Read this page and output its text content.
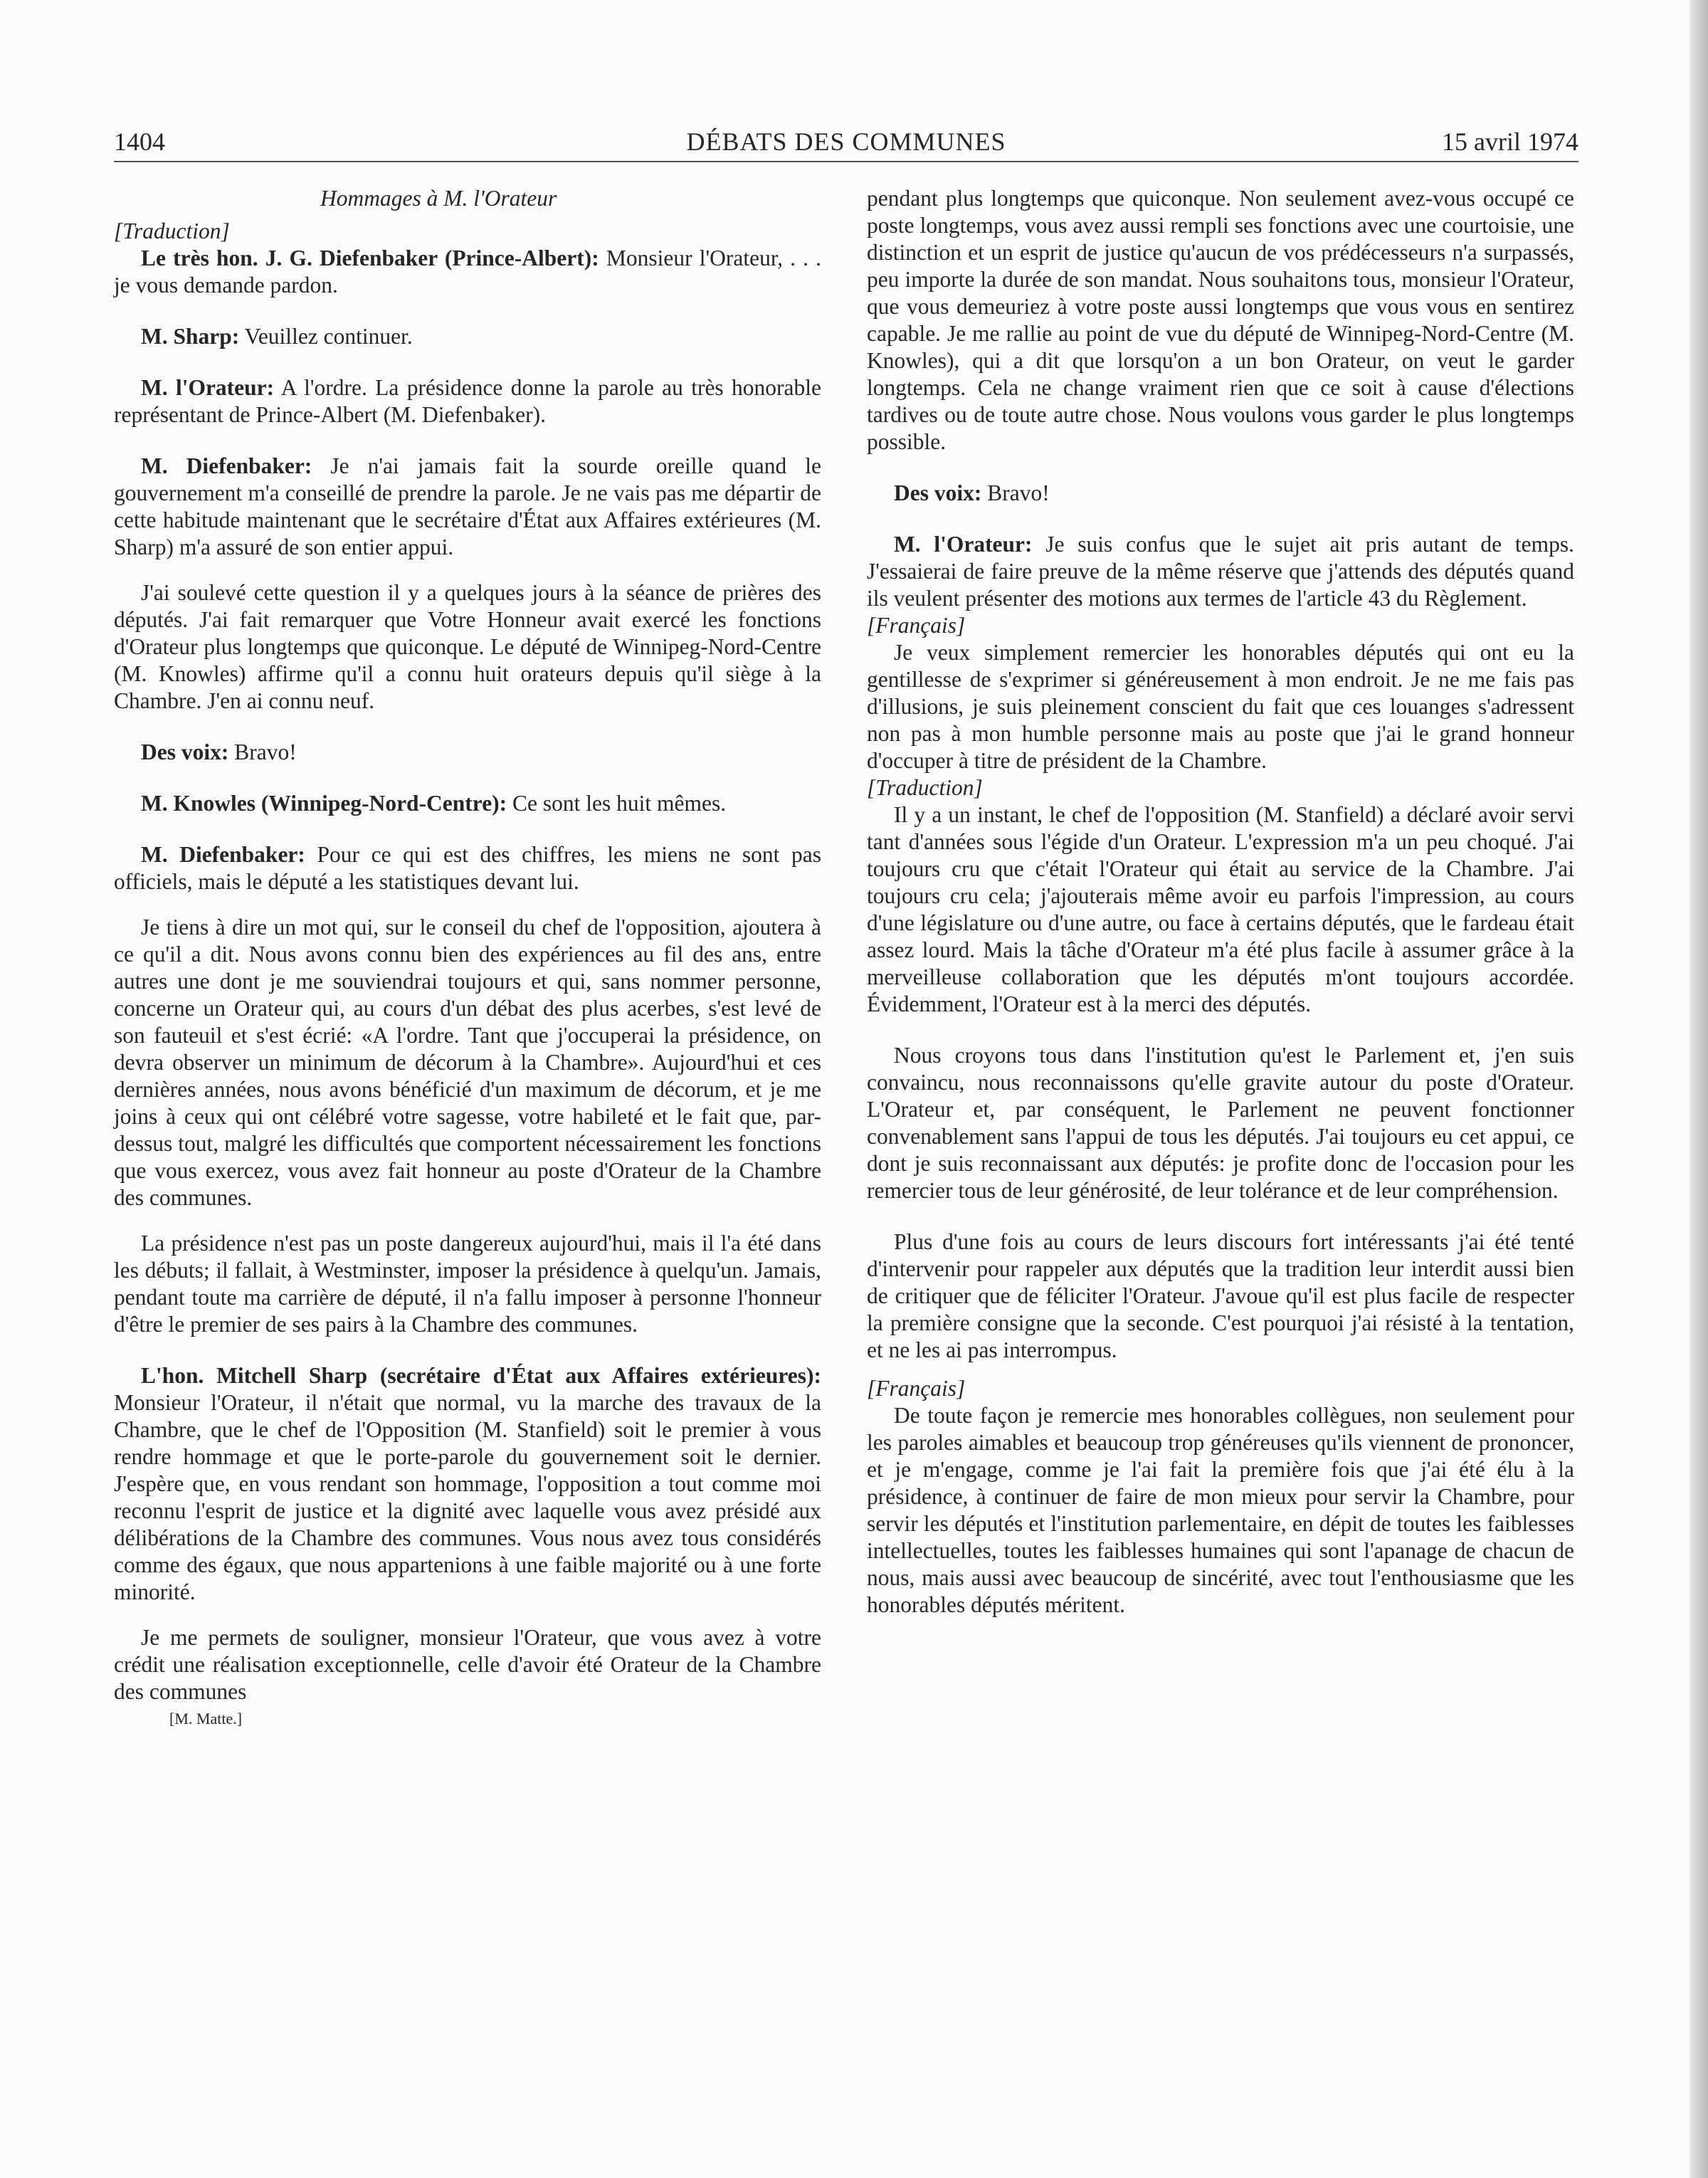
1404	DÉBATS DES COMMUNES	15 avril 1974

Hommages à M. l'Orateur

[Traduction]

Le très hon. J. G. Diefenbaker (Prince-Albert): Monsieur l'Orateur, . . . je vous demande pardon.

M. Sharp: Veuillez continuer.

M. l'Orateur: A l'ordre. La présidence donne la parole au très honorable représentant de Prince-Albert (M. Diefenbaker).

M. Diefenbaker: Je n'ai jamais fait la sourde oreille quand le gouvernement m'a conseillé de prendre la parole. Je ne vais pas me départir de cette habitude maintenant que le secrétaire d'État aux Affaires extérieures (M. Sharp) m'a assuré de son entier appui.

J'ai soulevé cette question il y a quelques jours à la séance de prières des députés. J'ai fait remarquer que Votre Honneur avait exercé les fonctions d'Orateur plus longtemps que quiconque. Le député de Winnipeg-Nord-Centre (M. Knowles) affirme qu'il a connu huit orateurs depuis qu'il siège à la Chambre. J'en ai connu neuf.

Des voix: Bravo!

M. Knowles (Winnipeg-Nord-Centre): Ce sont les huit mêmes.

M. Diefenbaker: Pour ce qui est des chiffres, les miens ne sont pas officiels, mais le député a les statistiques devant lui.

Je tiens à dire un mot qui, sur le conseil du chef de l'opposition, ajoutera à ce qu'il a dit. Nous avons connu bien des expériences au fil des ans, entre autres une dont je me souviendrai toujours et qui, sans nommer personne, concerne un Orateur qui, au cours d'un débat des plus acerbes, s'est levé de son fauteuil et s'est écrié: «A l'ordre. Tant que j'occuperai la présidence, on devra observer un minimum de décorum à la Chambre». Aujourd'hui et ces dernières années, nous avons bénéficié d'un maximum de décorum, et je me joins à ceux qui ont célébré votre sagesse, votre habileté et le fait que, par-dessus tout, malgré les difficultés que comportent nécessairement les fonctions que vous exercez, vous avez fait honneur au poste d'Orateur de la Chambre des communes.

La présidence n'est pas un poste dangereux aujourd'hui, mais il l'a été dans les débuts; il fallait, à Westminster, imposer la présidence à quelqu'un. Jamais, pendant toute ma carrière de député, il n'a fallu imposer à personne l'honneur d'être le premier de ses pairs à la Chambre des communes.

L'hon. Mitchell Sharp (secrétaire d'État aux Affaires extérieures): Monsieur l'Orateur, il n'était que normal, vu la marche des travaux de la Chambre, que le chef de l'Opposition (M. Stanfield) soit le premier à vous rendre hommage et que le porte-parole du gouvernement soit le dernier. J'espère que, en vous rendant son hommage, l'opposition a tout comme moi reconnu l'esprit de justice et la dignité avec laquelle vous avez présidé aux délibérations de la Chambre des communes. Vous nous avez tous considérés comme des égaux, que nous appartenions à une faible majorité ou à une forte minorité.

Je me permets de souligner, monsieur l'Orateur, que vous avez à votre crédit une réalisation exceptionnelle, celle d'avoir été Orateur de la Chambre des communes

[M. Matte.]

pendant plus longtemps que quiconque. Non seulement avez-vous occupé ce poste longtemps, vous avez aussi rempli ses fonctions avec une courtoisie, une distinction et un esprit de justice qu'aucun de vos prédécesseurs n'a surpassés, peu importe la durée de son mandat. Nous souhaitons tous, monsieur l'Orateur, que vous demeuriez à votre poste aussi longtemps que vous vous en sentirez capable. Je me rallie au point de vue du député de Winnipeg-Nord-Centre (M. Knowles), qui a dit que lorsqu'on a un bon Orateur, on veut le garder longtemps. Cela ne change vraiment rien que ce soit à cause d'élections tardives ou de toute autre chose. Nous voulons vous garder le plus longtemps possible.

Des voix: Bravo!

M. l'Orateur: Je suis confus que le sujet ait pris autant de temps. J'essaierai de faire preuve de la même réserve que j'attends des députés quand ils veulent présenter des motions aux termes de l'article 43 du Règlement.

[Français]

Je veux simplement remercier les honorables députés qui ont eu la gentillesse de s'exprimer si généreusement à mon endroit. Je ne me fais pas d'illusions, je suis pleinement conscient du fait que ces louanges s'adressent non pas à mon humble personne mais au poste que j'ai le grand honneur d'occuper à titre de président de la Chambre.

[Traduction]

Il y a un instant, le chef de l'opposition (M. Stanfield) a déclaré avoir servi tant d'années sous l'égide d'un Orateur. L'expression m'a un peu choqué. J'ai toujours cru que c'était l'Orateur qui était au service de la Chambre. J'ai toujours cru cela; j'ajouterais même avoir eu parfois l'impression, au cours d'une législature ou d'une autre, ou face à certains députés, que le fardeau était assez lourd. Mais la tâche d'Orateur m'a été plus facile à assumer grâce à la merveilleuse collaboration que les députés m'ont toujours accordée. Évidemment, l'Orateur est à la merci des députés.

Nous croyons tous dans l'institution qu'est le Parlement et, j'en suis convaincu, nous reconnaissons qu'elle gravite autour du poste d'Orateur. L'Orateur et, par conséquent, le Parlement ne peuvent fonctionner convenablement sans l'appui de tous les députés. J'ai toujours eu cet appui, ce dont je suis reconnaissant aux députés: je profite donc de l'occasion pour les remercier tous de leur générosité, de leur tolérance et de leur compréhension.

Plus d'une fois au cours de leurs discours fort intéressants j'ai été tenté d'intervenir pour rappeler aux députés que la tradition leur interdit aussi bien de critiquer que de féliciter l'Orateur. J'avoue qu'il est plus facile de respecter la première consigne que la seconde. C'est pourquoi j'ai résisté à la tentation, et ne les ai pas interrompus.

[Français]

De toute façon je remercie mes honorables collègues, non seulement pour les paroles aimables et beaucoup trop généreuses qu'ils viennent de prononcer, et je m'engage, comme je l'ai fait la première fois que j'ai été élu à la présidence, à continuer de faire de mon mieux pour servir la Chambre, pour servir les députés et l'institution parlementaire, en dépit de toutes les faiblesses intellectuelles, toutes les faiblesses humaines qui sont l'apanage de chacun de nous, mais aussi avec beaucoup de sincérité, avec tout l'enthousiasme que les honorables députés méritent.
